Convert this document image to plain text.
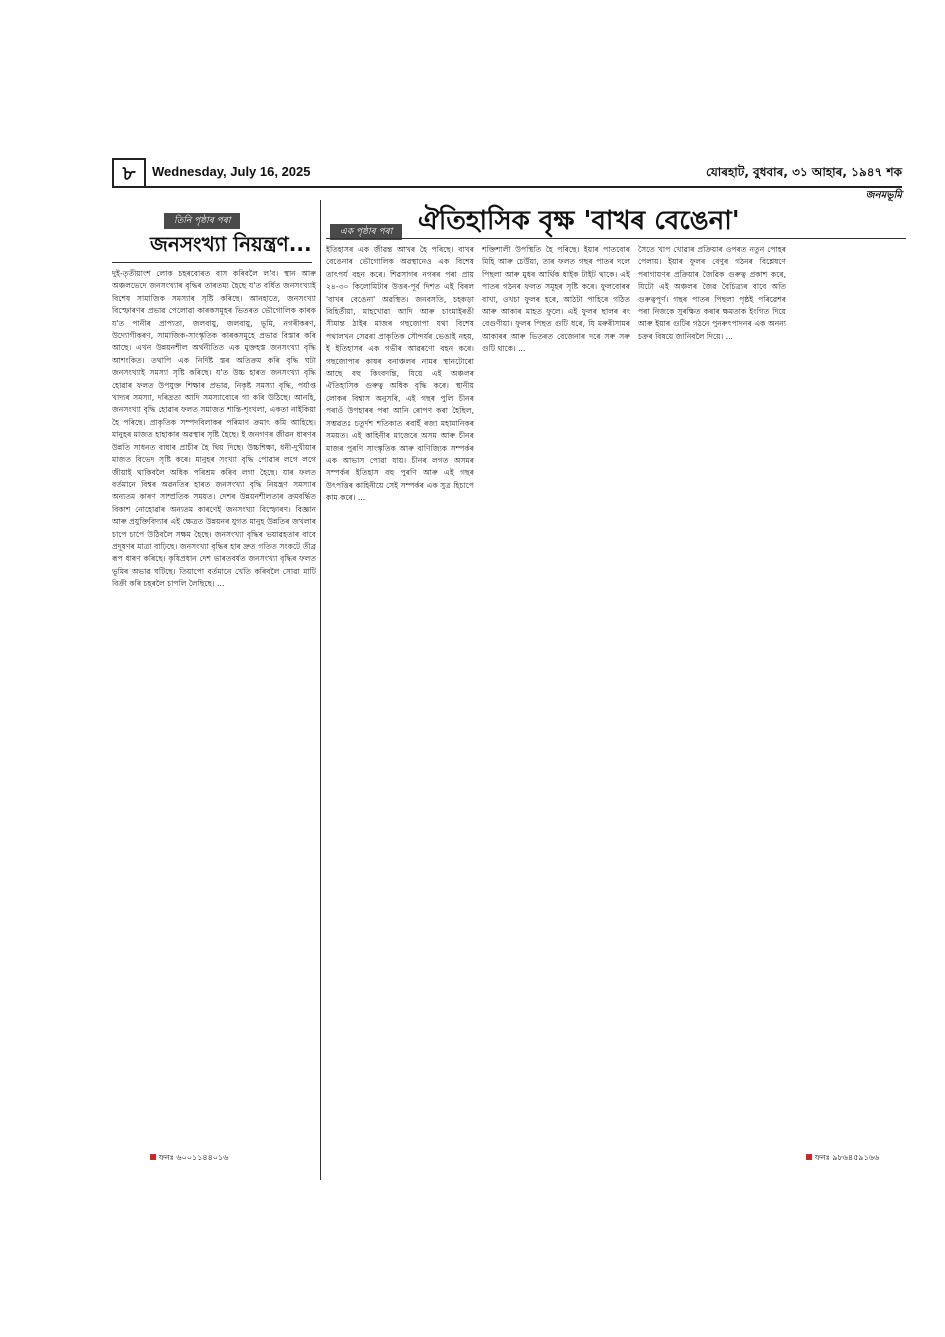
৮	Wednesday, July 16, 2025	যোৰহাট, বুধবাৰ, ৩১ আহাৰ, ১৯৪৭ শক
জনমভূমি
তিনি পৃষ্ঠাৰ পৰা
জনসংখ্যা নিয়ন্ত্ৰণ...

দুই-তৃতীয়াংশ লোক চহৰবোৰত বাস কৰিবলৈ ল'ব। স্থান আৰু অঞ্চলভেদে জনসংখ্যাৰ বৃদ্ধিৰ তাৰতম্য হৈছে য'ত বৰ্ধিত জনসংখ্যাই বিশেষ সামাজিক সমস্যাৰ সৃষ্টি কৰিছে। আনহাতে, জনসংখ্যা বিস্ফোৰণৰ প্ৰভাৱ পেলোৱা কাৰকসমূহৰ ভিতৰত ভৌগোলিক কাৰক য'ত পানীৰ প্ৰাপ্যতা, জলবায়ু, জলবায়ু, ভূমি, নগৰীকৰণ, উদ্যোগীকৰণ, সামাজিক-সাংস্কৃতিক কাৰকসমূহে প্ৰভাৱ বিস্তাৰ কৰি আছে। এখন উন্নয়নশীল অৰ্থনীতিত এক মুক্তহস্ত জনসংখ্যা বৃদ্ধি আশংকিত। তথাপি এক নিৰ্দিষ্ট স্তৰ অতিক্ৰম কৰি বৃদ্ধি ঘটা জনসংখ্যাই সমস্যা সৃষ্টি কৰিছে। য'ত উচ্চ হাৰত জনসংখ্যা বৃদ্ধি হোৱাৰ ফলত উপযুক্ত শিক্ষাৰ প্ৰভাৱ, নিকৃষ্ট সমস্যা বৃদ্ধি, পৰ্যাপ্ত খাদ্যৰ সমস্যা, দৰিদ্ৰতা আদি সমস্যাবোৰে গা কৰি উঠিছে। আনহি, জনসংখ্যা বৃদ্ধি হোৱাৰ ফলত সমাজত শান্তি-শৃংখলা, একতা নাইকিয়া হৈ পৰিছে। প্ৰাকৃতিক সম্পদবিলাকৰ পৰিমাণ ক্ৰমাৎ কমি আহিছে। মানুহৰ মাজত হাহাকাৰ অৱস্থাৰ সৃষ্টি হৈছে। ই জনগণৰ জীৱন ধাৰণৰ উন্নতি সাধনত বাধাৰ প্ৰাচীৰ হৈ থিয় দিছে। উচ্চশিক্ষা, ধনী-দুখীয়াৰ মাজত বিভেদ সৃষ্টি কৰে। মানুহৰ সংখ্যা বৃদ্ধি পোৱাৰ লগে লগে জীয়াই থাকিবলৈ অধিক পৰিশ্ৰম কৰিব লগা হৈছে। যাৰ ফলত বৰ্তমানে বিশ্বৰ অৱনতিৰ হাৰত জনসংখ্যা বৃদ্ধি নিয়ন্ত্ৰণ সমস্যাৰ অন্যতম কাৰণ সাম্প্ৰতিক সময়ত। দেশৰ উন্নয়নশীলতাৰ ক্ৰমবৰ্দ্ধিত বিকাশ নোহোৱাৰ অন্যতম কাৰণেই জনসংখ্যা বিস্ফোৰণ। বিজ্ঞান আৰু প্ৰযুক্তিবিদ্যাৰ এই ক্ষেত্ৰত উন্নয়নৰ যুগত মানুহ উন্নতিৰ জখলাৰ চাপে চাপে উঠিবলৈ সক্ষম হৈছে। জনসংখ্যা বৃদ্ধিৰ ভয়াৱহতাৰ বাবে প্ৰদূষণৰ মাত্ৰা বাঢ়িছে। জনসংখ্যা বৃদ্ধিৰ হাৰ দ্ৰুত গতিত সংকটে তীব্ৰ ৰূপ ধাৰণ কৰিছে। কৃষিপ্ৰধান দেশ ভাৰতবৰ্ষত জনসংখ্যা বৃদ্ধিৰ ফলত ভূমিৰ অভাৱ ঘটিছে। তিয়াপো বৰ্তমানে খেতি কৰিবলৈ সোৱা মাটি বিক্ৰী কৰি চহৰলৈ চাপলি লৈছিছে। ...

ফনঃ ৬০০১১৪৪০১৬
এক পৃষ্ঠাৰ পৰা ঐতিহাসিক বৃক্ষ 'বাখৰ বেঙেনা'

ইতিহাসৰ এক জীৱন্ত আখৰ হৈ পৰিছে। বাখৰ বেঙেনাৰ ভৌগোলিক অৱস্থানেও এক বিশেষ তাৎপৰ্য বহন কৰে। শিৱসাগৰ নগৰৰ পৰা প্ৰায় ২৪-৩০ কিলোমিটাৰ উত্তৰ-পূৰ্ব দিশত এই বিৰল 'বাখৰ বেঙেনা' অৱস্থিত। জনবসতি, চহকড়া বিহিৰ্তীয়া, মাহখোৱা আদি আৰু চাংমাইৰঙী সীমান্ত ঠাইৰ মাজৰ গছজোপা যথা বিশেষ পথালখন সেৱৰা প্ৰাকৃতিক সৌন্দৰ্যৰ ভেঙাই নহয়, ই ইতিহাসৰ এক গভীৰ আৱৰণো বহন কৰে। গছজোপাৰ কাষৰ বনাঞ্চলৰ নামৰ স্থানটোৰো আছে বহু কিংবদন্তি, যিয়ে এই অঞ্চলৰ ঐতিহাসিক গুৰুত্ব অধিক বৃদ্ধি কৰে। স্থানীয় লোকৰ বিশ্বাস অনুসৰি, এই গছৰ পুলি চীনৰ পৰাওঁ উপহাৰৰ পৰা আনি ৰোপণ কৰা হৈছিল, সম্ভৱতঃ চতুৰ্দশ শতিকাত ৰবাইঁ ৰজা মহামানিকৰ সময়ত। এই কাহিনীৰ মাজেৰে অসম আৰু চীনৰ মাজৰ পুৰণি সাংস্কৃতিক আৰু বাণিজ্যিক সম্পৰ্কৰ এক আভাস পোৱা যায়। চীনৰ লগত অসমৰ সম্পৰ্কৰ ইতিহাস বহু পুৰণি আৰু এই গছৰ উৎপত্তিৰ কাহিনীয়ে সেই সম্পৰ্কৰ এক সুত্ৰ হিচাপে কাম কৰে। ...

শক্তিশালী উপস্থিতি হৈ পৰিছে। ইয়াৰ পাতবোৰ মিহি আৰু চেউঁয়া, তাৰ ফলত গছৰ পাতৰ দলে পিছলা আৰু মুধৰ আৰ্থিক ধাইক টাইট থাকে। এই পাতৰ গঠনৰ ফলত সমূহৰ সৃষ্টি কৰে। ফুলবোৰৰ বাখা, ওখচা ফুলৰ হৰে, আঠটা পাহিৰে গঠিত আৰু আকাৰ মাহত ফুলে। এই ফুলৰ ছালৰ ৰং বেগুণীয়া। ফুলৰ পিছত গুটি ধৰে, যি মৰুৰীসামৰ আকাৰৰ আৰু ভিতৰত বেজেনাৰ দৰে সৰু সৰু গুটি থাকে। ...

সৈতে খাপ খোৱাৰ প্ৰক্ৰিয়াৰ ওপৰত নতুন পোহৰ পেলায়। ইয়াৰ ফুলৰ বেণুৰ গঠনৰ বিশ্লেষণে পৰাগায়ণৰ প্ৰক্ৰিয়াৰ জৈৱিক গুৰুত্ব প্ৰকাশ কৰে, যিটো এই অঞ্চলৰ জৈৱ বৈচিত্ৰ্যৰ বাবে অতি গুৰুত্বপূৰ্ণ। গছৰ পাতৰ পিছলা পৃষ্ঠই পৰিৱেশৰ পৰা নিজকে সুৰক্ষিত কৰাৰ ক্ষমতাক ইংগিত দিয়ে আৰু ইয়াৰ গুটিৰ গঠনে পুনৰুৎপাদনৰ এক অনন্য চক্ৰৰ বিষয়ে জানিবলৈ দিয়ে। ...

ফনঃ ৯৮৬৪৫৯১৬৬
